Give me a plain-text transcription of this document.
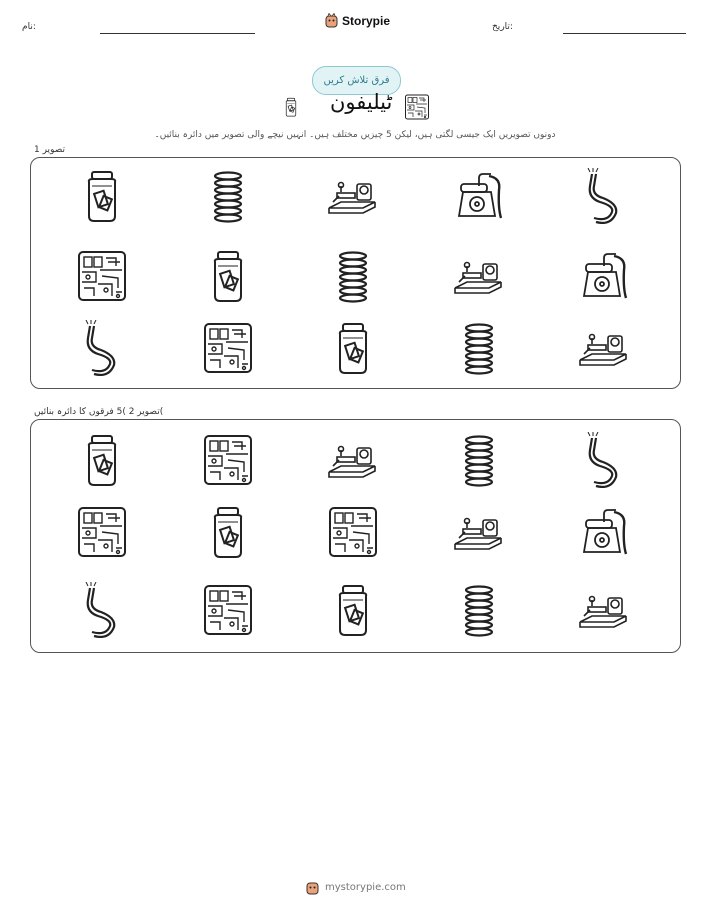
نام:	Storypie	تاریخ:
فرق تلاش کریں
ٹیلیفون
دونوں تصویریں ایک جیسی لگتی ہیں، لیکن 5 چیزیں مختلف ہیں۔ انہیں نیچے والی تصویر میں دائرہ بنائیں۔
تصویر 1
تصویر 2 )5 فرقوں کا دائرہ بنائیں(
mystorypie.com
